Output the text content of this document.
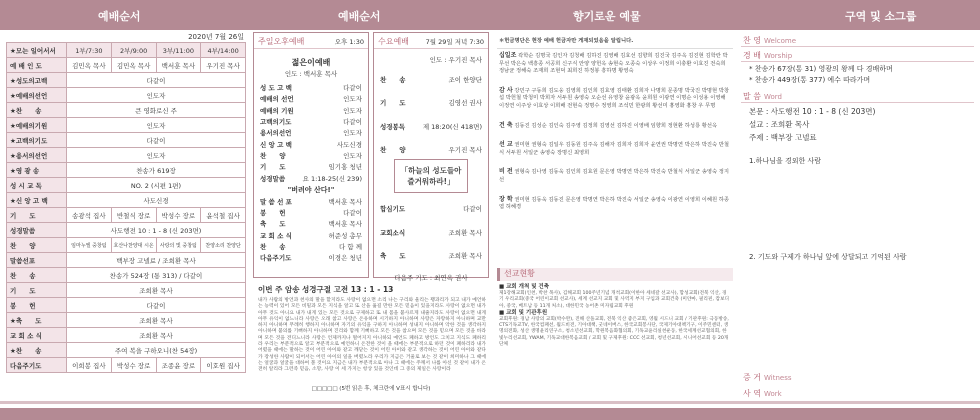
예배순서	예배순서	향기로운 예물	구역 및 소그룹
2020년 7월 26일
★모는 일어서서	1부/7:30	2부/9:00	3부/11:00	4부/14:00
예 배 인 도	김민옥 목사	김민옥 목사	백서훈 목사	우기진 목사
★성도의고백	다같이			
★예배의선언	인도자			
★찬　　송	큰 영화로신 주			
★예배의기원	인도자			
★고백의기도	다같이			
★용서의선언	인도자			
★영 광 송	찬송가 619장			
성 시 교 독	NO. 2 (시편 1편)			
★신 앙 고 백	사도신경			
기　　도	송광석 집사	반철식 장로	박성수 장로	윤석철 집사
성경말씀	사도행전 10 : 1 - 8 (신 203면)			
찬　　양	임마누엘 중창팀	호산나찬양대 시온	사랑의 빛 중창팀	찬양소리 찬양단
말씀선포	백부장 고넬료 / 조희환 목사			
찬　　송	찬송가 524장 (통 313) / 다같이			
기　　도	조희환 목사			
봉　　헌	다같이			
★축　　도	조희환 목사			
교 회 소 식	조희환 목사			
★찬　　송	주여 복을 구하오니(찬 54장)			
다음주기도	이희봉 집사	박성수 장로	조종윤 장로	이호원 집사
주일오후예배	오후 1:30
젊은이예배
인도 : 백서훈 목사
성 도 고 백	다같이
예배의 선언	인도자
예배의 기원	인도자
고백의기도	다같이
용서의선언	인도자
신 앙 고 백	사도신경
찬　　양	인도자
기　　도	임기홍 청년
성경말씀	요 1:18-25(신 239)
"버려야 산다!"
말 씀 선 포	백서훈 목사
봉　　헌	다같이
축　　도	백서훈 목사
교 회 소 식	허준성 총무
찬　　송	다 함 께
다음주기도	이경은 청년
수요예배	7월 29일 저녁 7:30
인도 : 우기진 목사
찬　　송	조이 한양단
기　　도	김영선 권사
성경봉독	제 18:20(신 418면)
찬　　양	우기진 목사
「하늘의 성도들아
즐거워하라!」
합심기도	다같이
교회소식	조희환 목사
축　　도	조희환 목사
다음주 기도 : 최연옥 권사
이번 주 암송 성경구절 고전 13 : 1 - 13
내가 사람의 방언과 천사의 말을 할지라도 사랑이 없으면 소리 나는 구리와 울리는 꽹과리가 되고 내가 예언하는 능력이 있어 모든 비밀과 모든 지식을 알고 또 산을 옮길 만한 모든 믿음이 있을지라도 사랑이 없으면 내가 아무 것도 아니요 내가 내게 있는 모든 것으로 구제하고 또 내 몸을 불사르게 내줄지라도 사랑이 없으면 내게 아무 유익이 없느니라 사랑은 오래 참고 사랑은 온유하며 시기하지 아니하며 사랑은 자랑하지 아니하며 교만하지 아니하며 무례히 행하지 아니하며 자기의 유익을 구하지 아니하며 성내지 아니하며 악한 것을 생각하지 아니하며 불의를 기뻐하지 아니하며 진리와 함께 기뻐하고 모든 것을 참으며 모든 것을 믿으며 모든 것을 바라며 모든 것을 견디느니라 사랑은 언제까지나 떨어지지 아니하되 예언도 폐하고 방언도 그치고 지식도 폐하리라 우리는 부분적으로 알고 부분적으로 예언하니 온전한 것이 올 때에는 부분적으로 하던 것이 폐하리라 내가 어렸을 때에는 말하는 것이 어린 아이와 같고 깨닫는 것이 어린 아이와 같고 생각하는 것이 어린 아이와 같다가 장성한 사람이 되어서는 어린 아이의 일을 버렸노라 우리가 지금은 거울로 보는 것 같이 희미하나 그 때에는 얼굴과 얼굴을 대하여 볼 것이요 지금은 내가 부분적으로 아나 그 때에는 주께서 나를 아신 것 같이 내가 온전히 알리라 그런즉 믿음, 소망, 사랑 이 세 가지는 항상 있을 것인데 그 중의 제일은 사랑이라
□□□□□ (5번 읽은 후, 체크란에 V표시 합니다)
＊헌금명단은 현장 예배 헌금자만 게재되었음을 알립니다.
십일조 곽학순 김명국 김인자 김청배 김하진 김영배 김효선 김향희 김진국 김주옥 김진현 김학란 박무선 박은숙 백흥종 서공희 신구식 안양 양헌옥 송현숙 오종숙 이상우 이정희 이충환 이효진 전숙희 정남균 정해숙 조재희 조현덕 최희진 하정봉 흥하명 황영숙
감 사 강민구 구동희 김도웅 김영희 김인희 김효영 김태환 김희자 나명희 문종명 박국진 박명현 박창섭 박헌철 박청미 박희자 서두원 송영숙 오순선 유영창 윤광옥 윤희원 이광연 이명순 이성용 이영해 이정연 이주상 이효상 이희배 전현숙 정명수 정영희 조석민 한광희 황선미 홍영화 홍창 우 무명
건 축 김동진 김성순 김인숙 김주영 김정희 김영선 김하진 이영배 임향희 정현환 하성룡 황선옥
선 교 권미현 권형숙 김일우 김동원 김주옥 김해자 김희자 김희자 윤연권 박명연 박은하 박진숙 반철식 서두원 서일군 송영숙 장명신 최영희
비 전 권형숙 김나영 김동욱 김인희 김효원 문은영 박명연 박은하 박진숙 반철식 서일군 송영숙 정지선
장 학 권미현 김동욱 김동진 문은영 박명연 박은하 박진숙 서일군 송영숙 이광연 이영희 이혜원 하종엽 허혜경
선교현황
■ 교회 개척 및 건축
제1강해교회(인천, 박찬 목사), 김해교회 100주년기념 개척교회(이한아 세네갈 선교사), 합성교회(전북 익산, 경기 우리교회(중국 어린이교회 선교사), 세계 선교지 교회 및 사역지 부지 구입과 교회건축 (미얀마, 필리핀, 캄보디아, 중국, 베트남 등 11개 처소), 대한민국 농어촌 미자립교회 후원
■ 교회 및 기관후원
교회후원: 경남 사랑의 교회(박수완), 진해 산돌교회, 전북 익산 좋은교회, 영월 시드니 교회 / 기관후원: 극동방송, CTS기독교TV, 한국컴패션, 월드비전, 기아대책, 굿네이버스, 한국교회봉사단, 국제기아대책기구, 이주민센터, 생명의전화, 성산 생명윤리연구소, 청소년선교회, 학원복음화협의회, 기독교윤리실천운동, 한국세계선교협의회, 한빛누리선교회, YWAM, 기독교대한복음교회 / 교회 및 구제후원: CCC 선교회, 청년선교회, 시니어선교회 등 20개 단체
찬 영 Welcome
경 배 Worship
* 찬송가 67장(통 31) 영광의 왕께 다 경배하며
* 찬송가 449장(통 377) 예수 따라가며
말 씀 Word
본문 : 사도행전 10 : 1 - 8 (신 203면)
설교 : 조희환 목사
주제 : 백부장 고넬료
1.하나님을 경외한 사람
2. 기도와 구제가 하나님 앞에 상달되고 기억된 사람
증 거 Witness
사 역 Work
